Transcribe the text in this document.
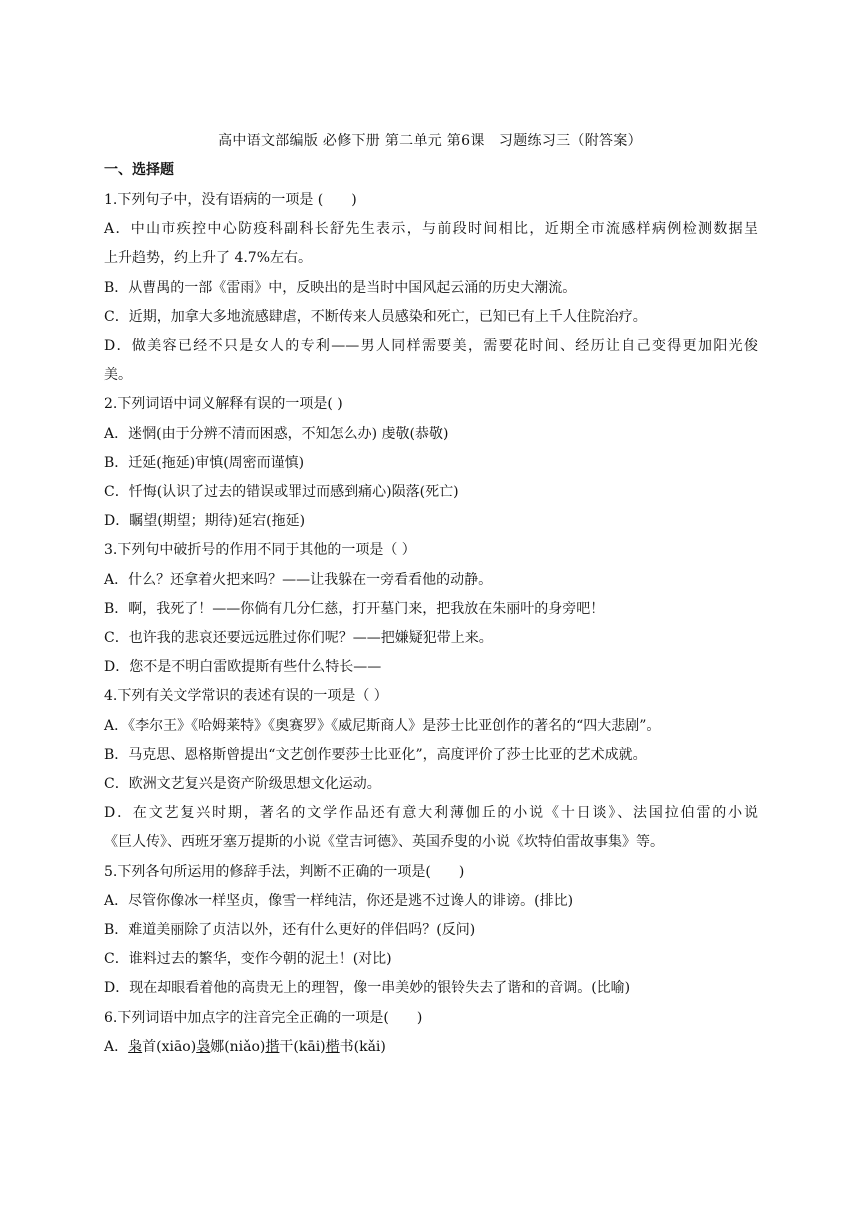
高中语文部编版 必修下册 第二单元 第6课　习题练习三（附答案）
一、选择题
1.下列句子中，没有语病的一项是 (　　)
A．中山市疾控中心防疫科副科长舒先生表示，与前段时间相比，近期全市流感样病例检测数据呈
上升趋势，约上升了 4.7%左右。
B．从曹禺的一部《雷雨》中，反映出的是当时中国风起云涌的历史大潮流。
C．近期，加拿大多地流感肆虐，不断传来人员感染和死亡，已知已有上千人住院治疗。
D．做美容已经不只是女人的专利——男人同样需要美，需要花时间、经历让自己变得更加阳光俊
美。
2.下列词语中词义解释有误的一项是( )
A．迷惘(由于分辨不清而困惑，不知怎么办) 虔敬(恭敬)
B．迁延(拖延)审慎(周密而谨慎)
C．忏悔(认识了过去的错误或罪过而感到痛心)陨落(死亡)
D．瞩望(期望；期待)延宕(拖延)
3.下列句中破折号的作用不同于其他的一项是（ ）
A．什么？还拿着火把来吗？——让我躲在一旁看看他的动静。
B．啊，我死了！——你倘有几分仁慈，打开墓门来，把我放在朱丽叶的身旁吧！
C．也许我的悲哀还要远远胜过你们呢？——把嫌疑犯带上来。
D．您不是不明白雷欧提斯有些什么特长——
4.下列有关文学常识的表述有误的一项是（ ）
A．《李尔王》《哈姆莱特》《奥赛罗》《威尼斯商人》是莎士比亚创作的著名的“四大悲剧”。
B．马克思、恩格斯曾提出“文艺创作要莎士比亚化”，高度评价了莎士比亚的艺术成就。
C．欧洲文艺复兴是资产阶级思想文化运动。
D．在文艺复兴时期，著名的文学作品还有意大利薄伽丘的小说《十日谈》、法国拉伯雷的小说
《巨人传》、西班牙塞万提斯的小说《堂吉诃德》、英国乔叟的小说《坎特伯雷故事集》等。
5.下列各句所运用的修辞手法，判断不正确的一项是(　　)
A．尽管你像冰一样坚贞，像雪一样纯洁，你还是逃不过谗人的诽谤。(排比)
B．难道美丽除了贞洁以外，还有什么更好的伴侣吗？(反问)
C．谁料过去的繁华，变作今朝的泥土！(对比)
D．现在却眼看着他的高贵无上的理智，像一串美妙的银铃失去了谐和的音调。(比喻)
6.下列词语中加点字的注音完全正确的一项是(　　)
A．枭首(xiāo)袅娜(niǎo)揩干(kāi)楷书(kǎi)
